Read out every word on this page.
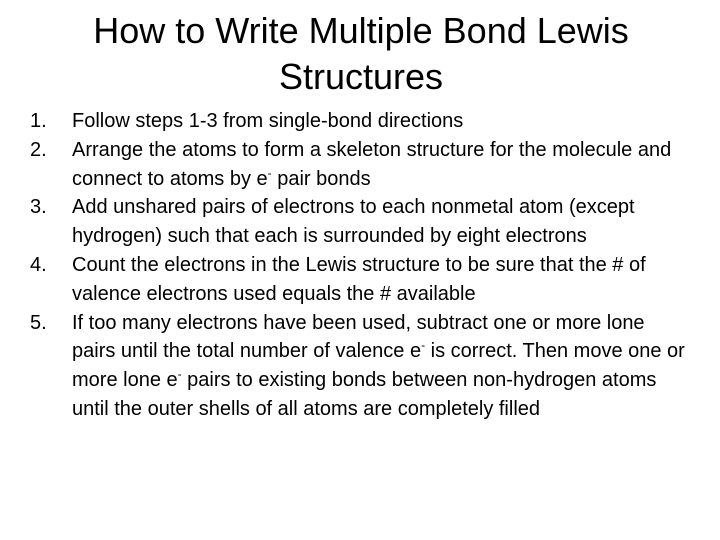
How to Write Multiple Bond Lewis
Structures
1.	Follow steps 1-3 from single-bond directions
2.	Arrange the atoms to form a skeleton structure for the molecule and connect to atoms by e- pair bonds
3.	Add unshared pairs of electrons to each nonmetal atom (except hydrogen) such that each is surrounded by eight electrons
4.	Count the electrons in the Lewis structure to be sure that the # of valence electrons used equals the # available
5.	If too many electrons have been used, subtract one or more lone pairs until the total number of valence e- is correct. Then move one or more lone e- pairs to existing bonds between non-hydrogen atoms until the outer shells of all atoms are completely filled
